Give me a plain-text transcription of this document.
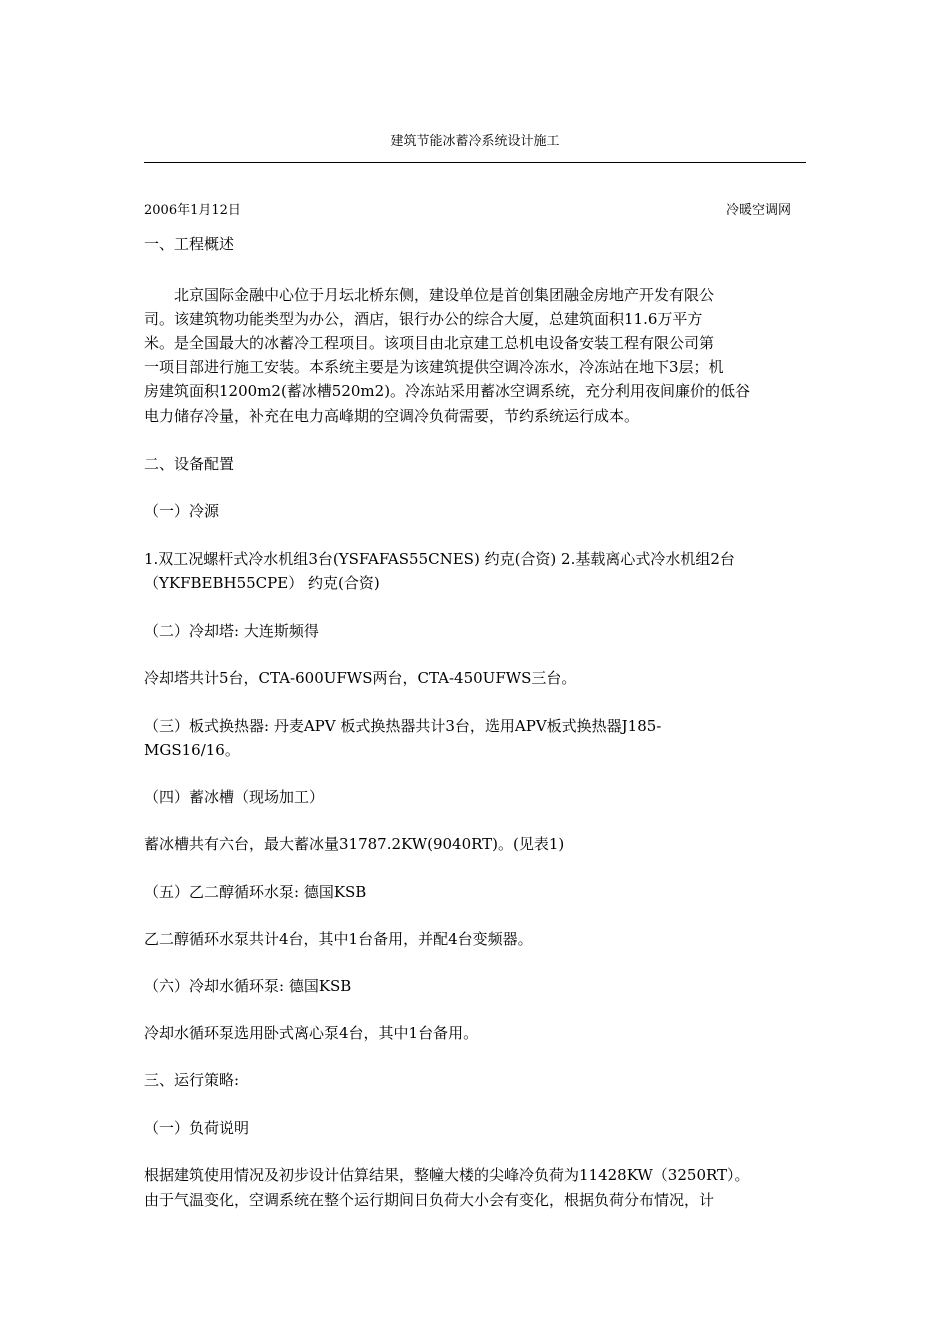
建筑节能冰蓄冷系统设计施工
2006年1月12日	冷暖空调网
一、工程概述
　　北京国际金融中心位于月坛北桥东侧，建设单位是首创集团融金房地产开发有限公
司。该建筑物功能类型为办公，酒店，银行办公的综合大厦，总建筑面积11.6万平方
米。是全国最大的冰蓄冷工程项目。该项目由北京建工总机电设备安装工程有限公司第
一项目部进行施工安装。本系统主要是为该建筑提供空调冷冻水，冷冻站在地下3层；机
房建筑面积1200m2(蓄冰槽520m2)。冷冻站采用蓄冰空调系统，充分利用夜间廉价的低谷
电力储存冷量，补充在电力高峰期的空调冷负荷需要，节约系统运行成本。
二、设备配置
（一）冷源
1.双工况螺杆式冷水机组3台(YSFAFAS55CNES) 约克(合资) 2.基载离心式冷水机组2台
（YKFBEBH55CPE） 约克(合资)
（二）冷却塔: 大连斯频得
冷却塔共计5台，CTA-600UFWS两台，CTA-450UFWS三台。
（三）板式换热器: 丹麦APV 板式换热器共计3台，选用APV板式换热器J185-
MGS16/16。
（四）蓄冰槽（现场加工）
蓄冰槽共有六台，最大蓄冰量31787.2KW(9040RT)。(见表1)
（五）乙二醇循环水泵: 德国KSB
乙二醇循环水泵共计4台，其中1台备用，并配4台变频器。
（六）冷却水循环泵: 德国KSB
冷却水循环泵选用卧式离心泵4台，其中1台备用。
三、运行策略:
（一）负荷说明
根据建筑使用情况及初步设计估算结果，整幢大楼的尖峰冷负荷为11428KW（3250RT）。
由于气温变化，空调系统在整个运行期间日负荷大小会有变化，根据负荷分布情况，计
